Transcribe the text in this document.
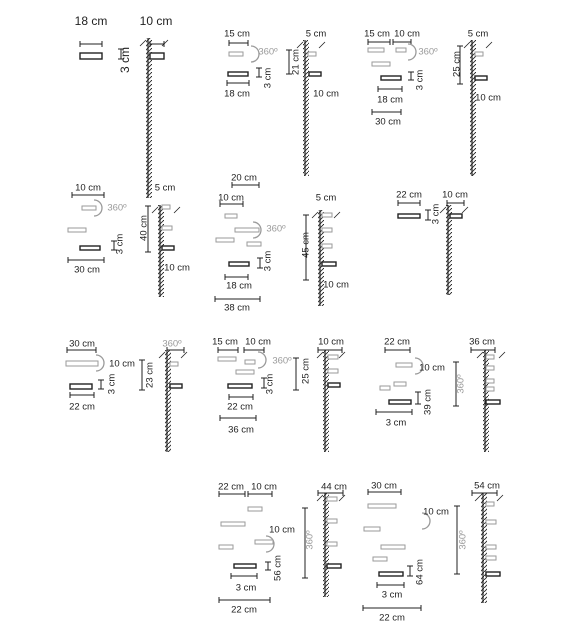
18 cm	10 cm
3 cm
15 cm
360º 21 cm
5 cm
3 cm
18 cm	10 cm
15 cm 10 cm
360º
5 cm
25 cm
3 cm
18 cm	10 cm
30 cm
10 cm
360º
5 cm
40 cm
3 cm
30 cm	10 cm
20 cm
10 cm	5 cm
360º
45 cm
3 cm
18 cm	10 cm
38 cm
22 cm 10 cm
3 cm
30 cm
10 cm
360º
23 cm
3 cm
22 cm
15 cm 10 cm	10 cm
360º 25 cm
3 cm
22 cm
36 cm
22 cm
10 cm
360º
39 cm
3 cm
36 cm
22 cm 10 cm
10 cm
360º
56 cm
3 cm
22 cm
44 cm	30 cm
10 cm
360º
64 cm
3 cm
22 cm
54 cm
